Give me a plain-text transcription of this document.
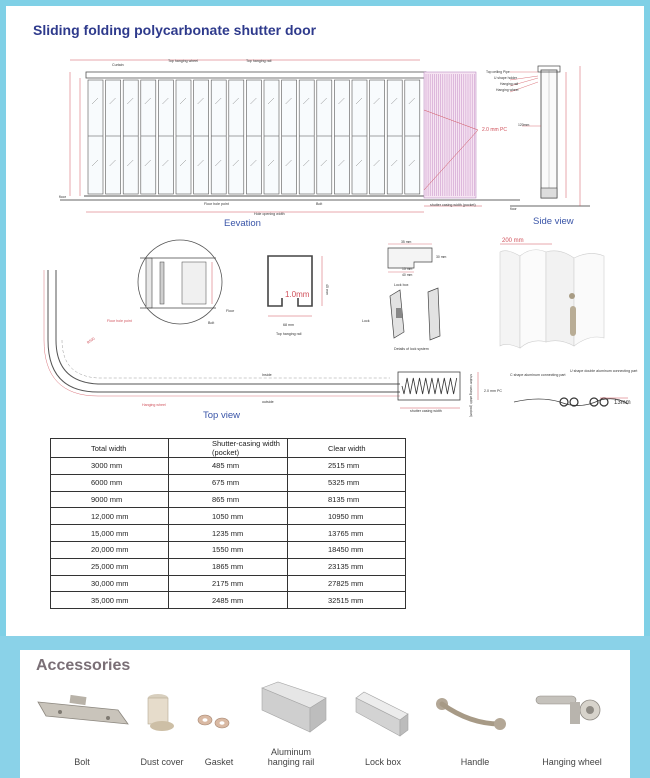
Sliding folding polycarbonate shutter door
Curtain
Top hanging wheel	Top hanging rail
floor
Floor hole point	Bolt
Hole opening width
shutter casing width (pocket)
2.0 mm PC
Top ceiling Pipe
U shape holder
Hanging rail
Hanging wheel
120mm
floor
Floor hole point	Bolt
Floor
1.0mm
68 mm
Top hanging rail
45 mm
35 mm
15 mm
40 mm
30 mm
Lock box
Lock
Details of lock system
200 mm
C shape aluminum connecting part
U shape double aluminum connecting part
2.0 mm PC
13mm
Inside
outside
Hanging wheel
R500
shutter casing width	shutter casing width (pocket)
Eevation	Side view
Top view
Total width	Shutter-casing width (pocket)	Clear width
3000 mm	485 mm	2515 mm
6000 mm	675 mm	5325 mm
9000 mm	865 mm	8135 mm
12,000 mm	1050 mm	10950 mm
15,000 mm	1235 mm	13765 mm
20,000 mm	1550 mm	18450 mm
25,000 mm	1865 mm	23135 mm
30,000 mm	2175 mm	27825 mm
35,000 mm	2485 mm	32515 mm
Accessories
Bolt	Dust cover	Gasket
Aluminum
hanging rail	Lock box	Handle	Hanging wheel
